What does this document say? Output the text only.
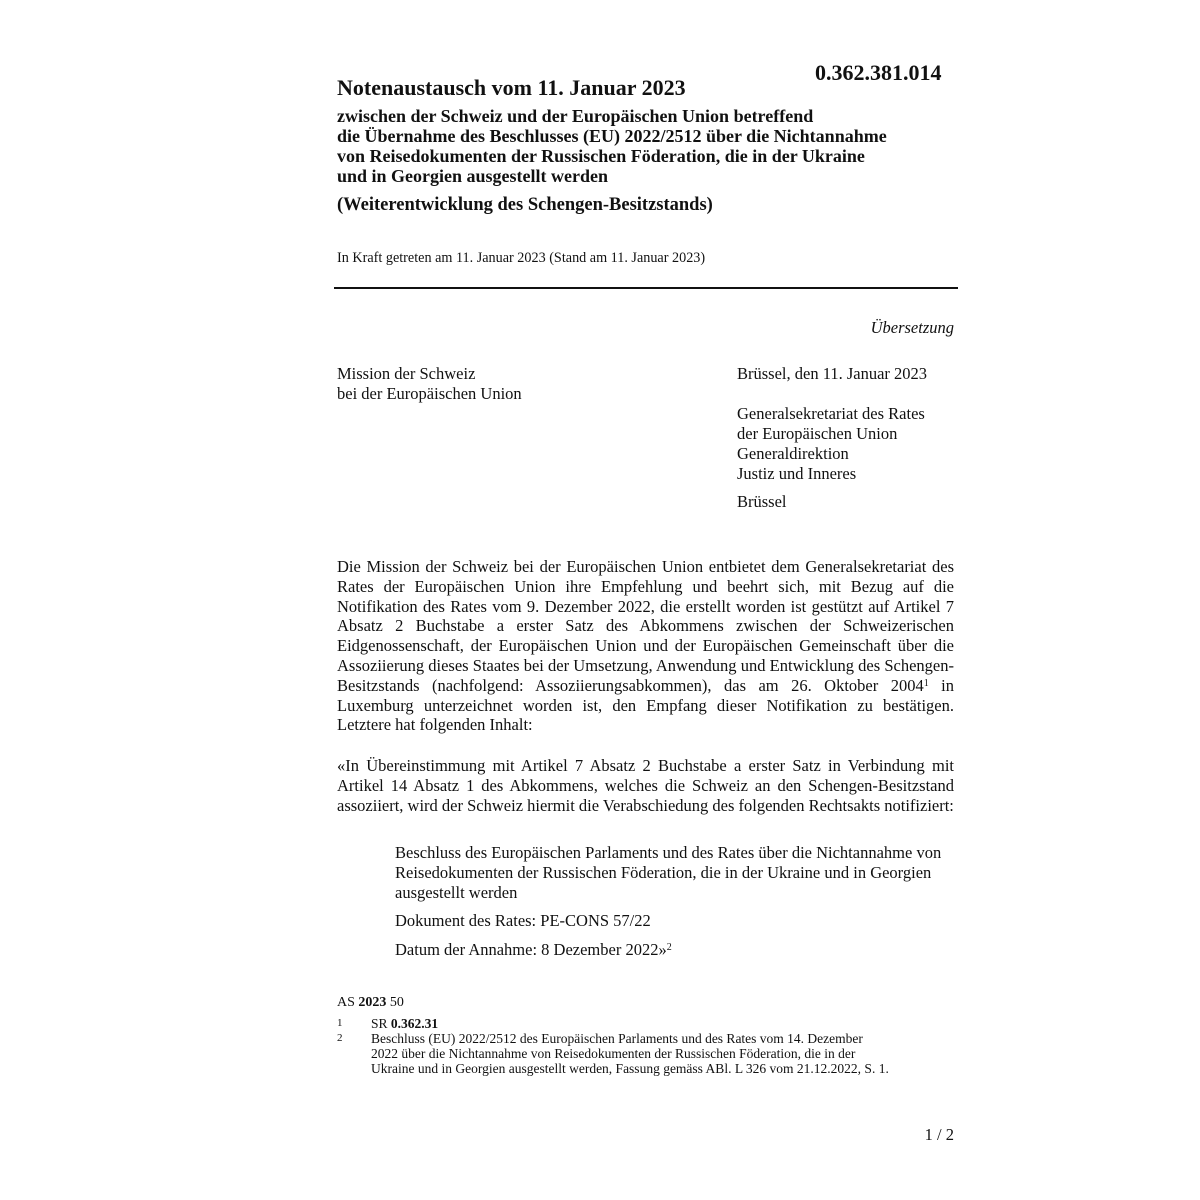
0.362.381.014
Notenaustausch vom 11. Januar 2023
zwischen der Schweiz und der Europäischen Union betreffend
die Übernahme des Beschlusses (EU) 2022/2512 über die Nichtannahme
von Reisedokumenten der Russischen Föderation, die in der Ukraine
und in Georgien ausgestellt werden
(Weiterentwicklung des Schengen-Besitzstands)
In Kraft getreten am 11. Januar 2023 (Stand am 11. Januar 2023)
Übersetzung
Mission der Schweiz
bei der Europäischen Union
Brüssel, den 11. Januar 2023
Generalsekretariat des Rates
der Europäischen Union
Generaldirektion
Justiz und Inneres
Brüssel
Die Mission der Schweiz bei der Europäischen Union entbietet dem Generalsekretariat des Rates der Europäischen Union ihre Empfehlung und beehrt sich, mit Bezug auf die Notifikation des Rates vom 9. Dezember 2022, die erstellt worden ist gestützt auf Artikel 7 Absatz 2 Buchstabe a erster Satz des Abkommens zwischen der Schweizerischen Eidgenossenschaft, der Europäischen Union und der Europäischen Gemeinschaft über die Assoziierung dieses Staates bei der Umsetzung, Anwendung und Entwicklung des Schengen-Besitzstands (nachfolgend: Assoziierungsabkommen), das am 26. Oktober 2004$^1$ in Luxemburg unterzeichnet worden ist, den Empfang dieser Notifikation zu bestätigen. Letztere hat folgenden Inhalt:
«In Übereinstimmung mit Artikel 7 Absatz 2 Buchstabe a erster Satz in Verbindung mit Artikel 14 Absatz 1 des Abkommens, welches die Schweiz an den Schengen-Besitzstand assoziiert, wird der Schweiz hiermit die Verabschiedung des folgenden Rechtsakts notifiziert:
Beschluss des Europäischen Parlaments und des Rates über die Nichtannahme von Reisedokumenten der Russischen Föderation, die in der Ukraine und in Georgien ausgestellt werden
Dokument des Rates: PE-CONS 57/22
Datum der Annahme: 8 Dezember 2022»$^2$
AS 2023 50
1 SR 0.362.31
2 Beschluss (EU) 2022/2512 des Europäischen Parlaments und des Rates vom 14. Dezember 2022 über die Nichtannahme von Reisedokumenten der Russischen Föderation, die in der Ukraine und in Georgien ausgestellt werden, Fassung gemäss ABl. L 326 vom 21.12.2022, S. 1.
1 / 2
